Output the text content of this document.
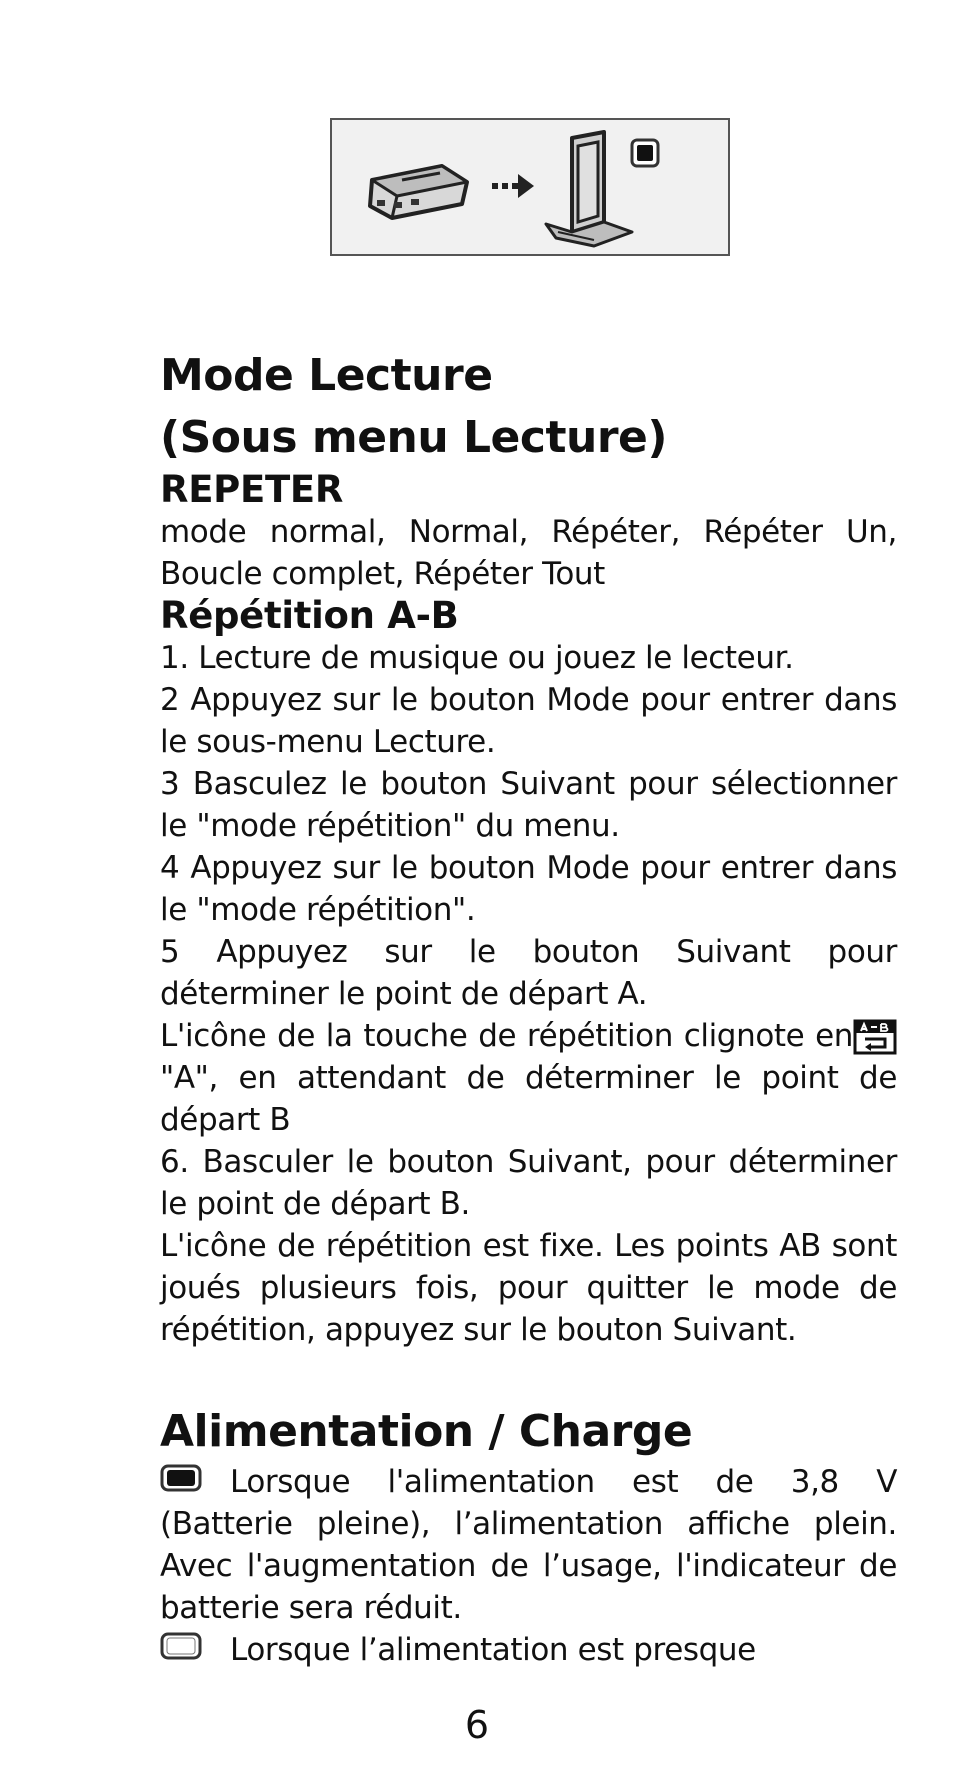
Mode Lecture
(Sous menu Lecture)
REPETER

mode normal, Normal, Répéter, Répéter Un, Boucle complet, Répéter Tout

Répétition A-B

1. Lecture de musique ou jouez le lecteur.

2 Appuyez sur le bouton Mode pour entrer dans le sous-menu Lecture.

3 Basculez le bouton Suivant pour sélectionner le "mode répétition" du menu.

4 Appuyez sur le bouton Mode pour entrer dans le "mode répétition".

5 Appuyez sur le bouton Suivant pour déterminer le point de départ A.

L'icône de la touche de répétition clignote en "A", en attendant de déterminer le point de départ B

6. Basculer le bouton Suivant, pour déterminer le point de départ B.

L'icône de répétition est fixe. Les points AB sont joués plusieurs fois, pour quitter le mode de répétition, appuyez sur le bouton Suivant.

Alimentation / Charge

Lorsque l'alimentation est de 3,8 V (Batterie pleine), l’alimentation affiche plein. Avec l'augmentation de l’usage, l'indicateur de batterie sera réduit.

Lorsque l’alimentation est presque

6
